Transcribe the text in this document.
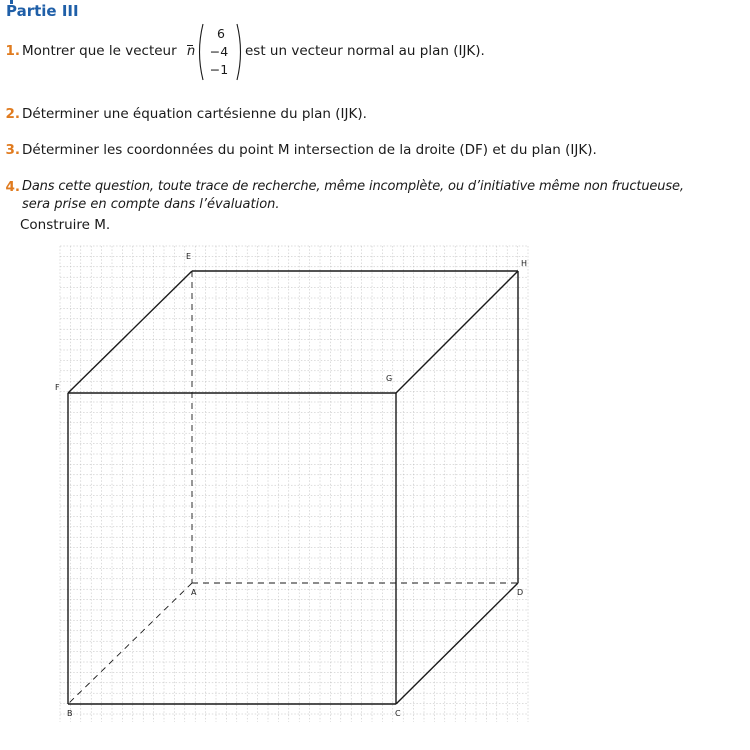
Partie III
1. Montrer que le vecteur n
6
−4
−1
est un vecteur normal au plan (IJK).
2. Déterminer une équation cartésienne du plan (IJK).
3. Déterminer les coordonnées du point M intersection de la droite (DF) et du plan (IJK).
4. Dans cette question, toute trace de recherche, même incomplète, ou d’initiative même non fructueuse,
sera prise en compte dans l’évaluation.
Construire M.
E
H
F
G
A	D
B	C
